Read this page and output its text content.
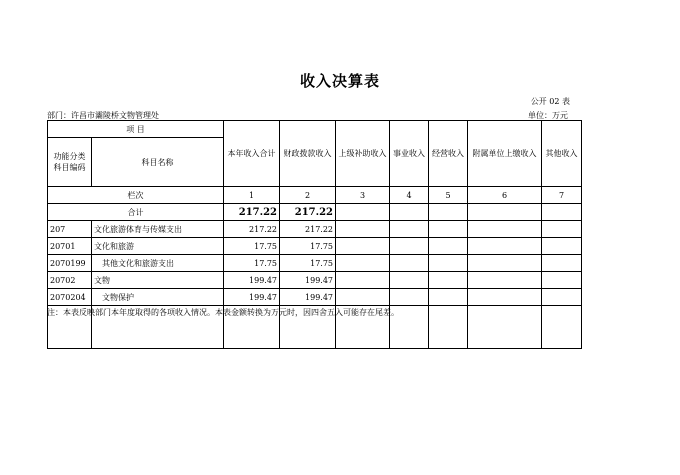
收入决算表
公开 02 表
部门：许昌市灞陵桥文物管理处	单位：万元
项 目		本年收入合计	财政拨款收入	上级补助收入	事业收入	经营收入	附属单位上缴收入	其他收入
功能分类
科目编码	科目名称							
栏次		1	2	3	4	5	6	7
合计		217.22	217.22					
207	文化旅游体育与传媒支出	217.22	217.22					
20701	文化和旅游	17.75	17.75					
2070199	其他文化和旅游支出	17.75	17.75					
20702	文物	199.47	199.47					
2070204	文物保护	199.47	199.47					

注：本表反映部门本年度取得的各项收入情况。本表金额转换为万元时，因四舍五入可能存在尾差。
